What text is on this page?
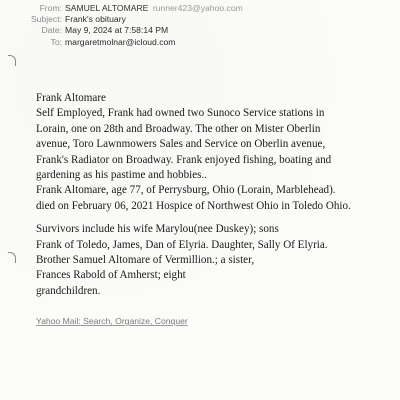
From: SAMUEL ALTOMARE runner423@yahoo.com
Subject: Frank's obituary
Date: May 9, 2024 at 7:58:14 PM
To: margaretmolnar@icloud.com
Frank Altomare
Self Employed, Frank had owned two Sunoco Service stations in
Lorain, one on 28th and Broadway. The other on Mister Oberlin
avenue, Toro Lawnmowers Sales and Service on Oberlin avenue,
Frank's Radiator on Broadway. Frank enjoyed fishing, boating and
gardening as his pastime and hobbies..
Frank Altomare, age 77, of Perrysburg, Ohio (Lorain, Marblehead).
died on February 06, 2021 Hospice of Northwest Ohio in Toledo Ohio.
Survivors include his wife Marylou(nee Duskey); sons
Frank of Toledo, James, Dan of Elyria. Daughter, Sally Of Elyria.
Brother Samuel Altomare of Vermillion.; a sister,
Frances Rabold of Amherst; eight
grandchildren.
Yahoo Mail: Search, Organize, Conquer
